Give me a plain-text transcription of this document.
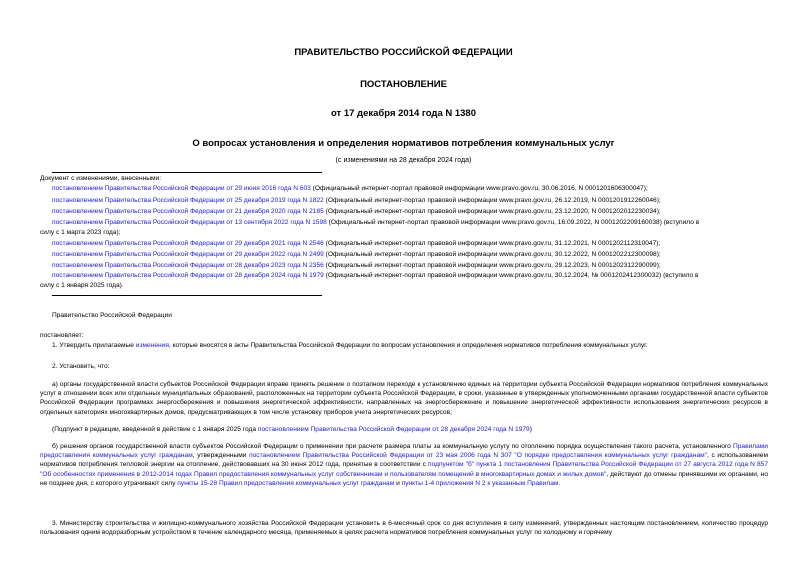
ПРАВИТЕЛЬСТВО РОССИЙСКОЙ ФЕДЕРАЦИИ
ПОСТАНОВЛЕНИЕ
от 17 декабря 2014 года N 1380
О вопросах установления и определения нормативов потребления коммунальных услуг
(с изменениями на 28 декабря 2024 года)
Документ с изменениями, внесенными:
постановлением Правительства Российской Федерации от 29 июня 2016 года N 603 (Официальный интернет-портал правовой информации www.pravo.gov.ru, 30.06.2016, N 0001201606300047);
постановлением Правительства Российской Федерации от 25 декабря 2019 года N 1822 (Официальный интернет-портал правовой информации www.pravo.gov.ru, 26.12.2019, N 0001201912260046);
постановлением Правительства Российской Федерации от 21 декабря 2020 года N 2185 (Официальный интернет-портал правовой информации www.pravo.gov.ru, 23.12.2020, N 0001202012230034);
постановлением Правительства Российской Федерации от 13 сентября 2022 года N 1598 (Официальный интернет-портал правовой информации www.pravo.gov.ru, 16.09.2022, N 0001202209160038) (вступило в
силу с 1 марта 2023 года);
постановлением Правительства Российской Федерации от 29 декабря 2021 года N 2546 (Официальный интернет-портал правовой информации www.pravo.gov.ru, 31.12.2021, N 0001202112310047);
постановлением Правительства Российской Федерации от 29 декабря 2022 года N 2499 (Официальный интернет-портал правовой информации www.pravo.gov.ru, 30.12.2022, N 0001202212300098);
постановлением Правительства Российской Федерации от 28 декабря 2023 года N 2356 (Официальный интернет-портал правовой информации www.pravo.gov.ru, 29.12.2023, N 0001202312290099);
постановлением Правительства Российской Федерации от 28 декабря 2024 года N 1979 (Официальный интернет-портал правовой информации www.pravo.gov.ru, 30.12.2024, № 0001202412300032) (вступило в
силу с 1 января 2025 года).
Правительство Российской Федерации
постановляет:
1. Утвердить прилагаемые изменения, которые вносятся в акты Правительства Российской Федерации по вопросам установления и определения нормативов потребления коммунальных услуг.
2. Установить, что:
а) органы государственной власти субъектов Российской Федерации вправе принять решение о поэтапном переходе к установлению единых на территории субъекта Российской Федерации нормативов потребления коммунальных услуг в отношении всех или отдельных муниципальных образований, расположенных на территории субъекта Российской Федерации, в сроки, указанные в утвержденных уполномоченными органами государственной власти субъектов Российской Федерации программах энергосбережения и повышения энергетической эффективности, направленных на энергосбережение и повышение энергетической эффективности использования энергетических ресурсов в отдельных категориях многоквартирных домов, предусматривающих в том числе установку приборов учета энергетических ресурсов;
(Подпункт в редакции, введенной в действие с 1 января 2025 года постановлением Правительства Российской Федерации от 28 декабря 2024 года N 1979)
б) решения органов государственной власти субъектов Российской Федерации о применении при расчете размера платы за коммунальную услугу по отоплению порядка осуществления такого расчета, установленного Правилами предоставления коммунальных услуг гражданам, утвержденными постановлением Правительства Российской Федерации от 23 мая 2006 года N 307 "О порядке предоставления коммунальных услуг гражданам", с использованием нормативов потребления тепловой энергии на отопление, действовавших на 30 июня 2012 года, принятые в соответствии с подпунктом "б" пункта 1 постановления Правительства Российской Федерации от 27 августа 2012 года N 857 "Об особенностях применения в 2012-2014 годах Правил предоставления коммунальных услуг собственникам и пользователям помещений в многоквартирных домах и жилых домов", действуют до отмены принявшими их органами, но не позднее дня, с которого утрачивают силу пункты 15-28 Правил предоставления коммунальных услуг гражданам и пункты 1-4 приложения N 2 к указанным Правилам.
3. Министерству строительства и жилищно-коммунального хозяйства Российской Федерации установить в 6-месячный срок со дня вступления в силу изменений, утвержденных настоящим постановлением, количество процедур пользования одним водоразборным устройством в течение календарного месяца, применяемых в целях расчета нормативов потребления коммунальных услуг по холодному и горячему
